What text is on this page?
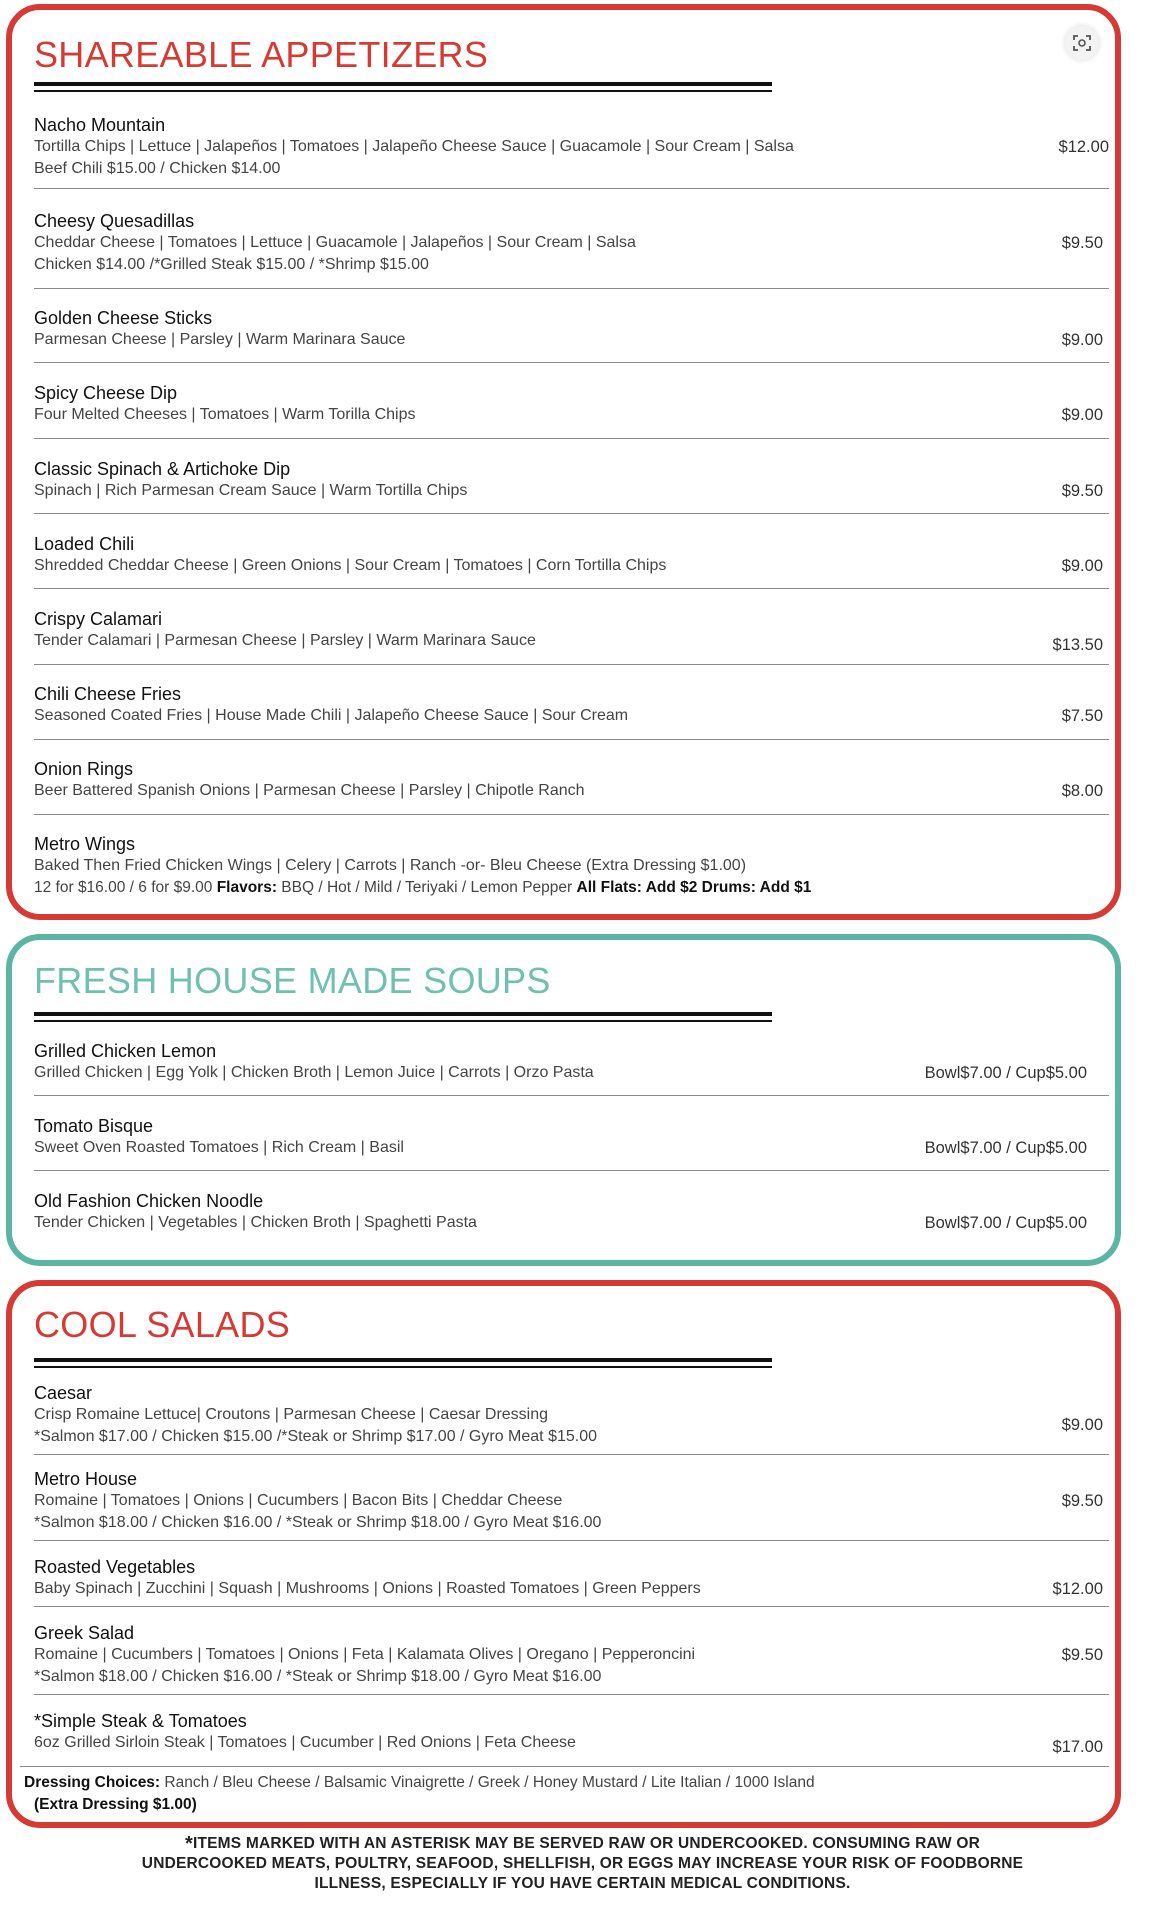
SHAREABLE APPETIZERS
Nacho Mountain
Tortilla Chips | Lettuce | Jalapeños | Tomatoes | Jalapeño Cheese Sauce | Guacamole | Sour Cream | Salsa
Beef Chili $15.00 / Chicken $14.00
$12.00
Cheesy Quesadillas
Cheddar Cheese | Tomatoes | Lettuce | Guacamole | Jalapeños | Sour Cream | Salsa
Chicken $14.00 /*Grilled Steak $15.00 / *Shrimp $15.00
$9.50
Golden Cheese Sticks
Parmesan Cheese | Parsley | Warm Marinara Sauce	$9.00
Spicy Cheese Dip
Four Melted Cheeses | Tomatoes | Warm Torilla Chips	$9.00
Classic Spinach & Artichoke Dip
Spinach | Rich Parmesan Cream Sauce | Warm Tortilla Chips	$9.50
Loaded Chili
Shredded Cheddar Cheese | Green Onions | Sour Cream | Tomatoes | Corn Tortilla Chips	$9.00
Crispy Calamari
Tender Calamari | Parmesan Cheese | Parsley | Warm Marinara Sauce	$13.50
Chili Cheese Fries
Seasoned Coated Fries | House Made Chili | Jalapeño Cheese Sauce | Sour Cream	$7.50
Onion Rings
Beer Battered Spanish Onions | Parmesan Cheese | Parsley | Chipotle Ranch	$8.00
Metro Wings
Baked Then Fried Chicken Wings | Celery | Carrots | Ranch -or- Bleu Cheese (Extra Dressing $1.00)
12 for $16.00 / 6 for $9.00 Flavors: BBQ / Hot / Mild / Teriyaki / Lemon Pepper All Flats: Add $2 Drums: Add $1
FRESH HOUSE MADE SOUPS
Grilled Chicken Lemon
Grilled Chicken | Egg Yolk | Chicken Broth | Lemon Juice | Carrots | Orzo Pasta	Bowl$7.00 / Cup$5.00
Tomato Bisque
Sweet Oven Roasted Tomatoes | Rich Cream | Basil	Bowl$7.00 / Cup$5.00
Old Fashion Chicken Noodle
Tender Chicken | Vegetables | Chicken Broth | Spaghetti Pasta	Bowl$7.00 / Cup$5.00
COOL SALADS
Caesar
Crisp Romaine Lettuce| Croutons | Parmesan Cheese | Caesar Dressing
*Salmon $17.00 / Chicken $15.00 /*Steak or Shrimp $17.00 / Gyro Meat $15.00
$9.00
Metro House
Romaine | Tomatoes | Onions | Cucumbers | Bacon Bits | Cheddar Cheese
*Salmon $18.00 / Chicken $16.00 / *Steak or Shrimp $18.00 / Gyro Meat $16.00
$9.50
Roasted Vegetables
Baby Spinach | Zucchini | Squash | Mushrooms | Onions | Roasted Tomatoes | Green Peppers	$12.00
Greek Salad
Romaine | Cucumbers | Tomatoes | Onions | Feta | Kalamata Olives | Oregano | Pepperoncini
*Salmon $18.00 / Chicken $16.00 / *Steak or Shrimp $18.00 / Gyro Meat $16.00
$9.50
*Simple Steak & Tomatoes
6oz Grilled Sirloin Steak | Tomatoes | Cucumber | Red Onions | Feta Cheese	$17.00
Dressing Choices: Ranch / Bleu Cheese / Balsamic Vinaigrette / Greek / Honey Mustard / Lite Italian / 1000 Island
(Extra Dressing $1.00)
*ITEMS MARKED WITH AN ASTERISK MAY BE SERVED RAW OR UNDERCOOKED. CONSUMING RAW OR
UNDERCOOKED MEATS, POULTRY, SEAFOOD, SHELLFISH, OR EGGS MAY INCREASE YOUR RISK OF FOODBORNE
ILLNESS, ESPECIALLY IF YOU HAVE CERTAIN MEDICAL CONDITIONS.
